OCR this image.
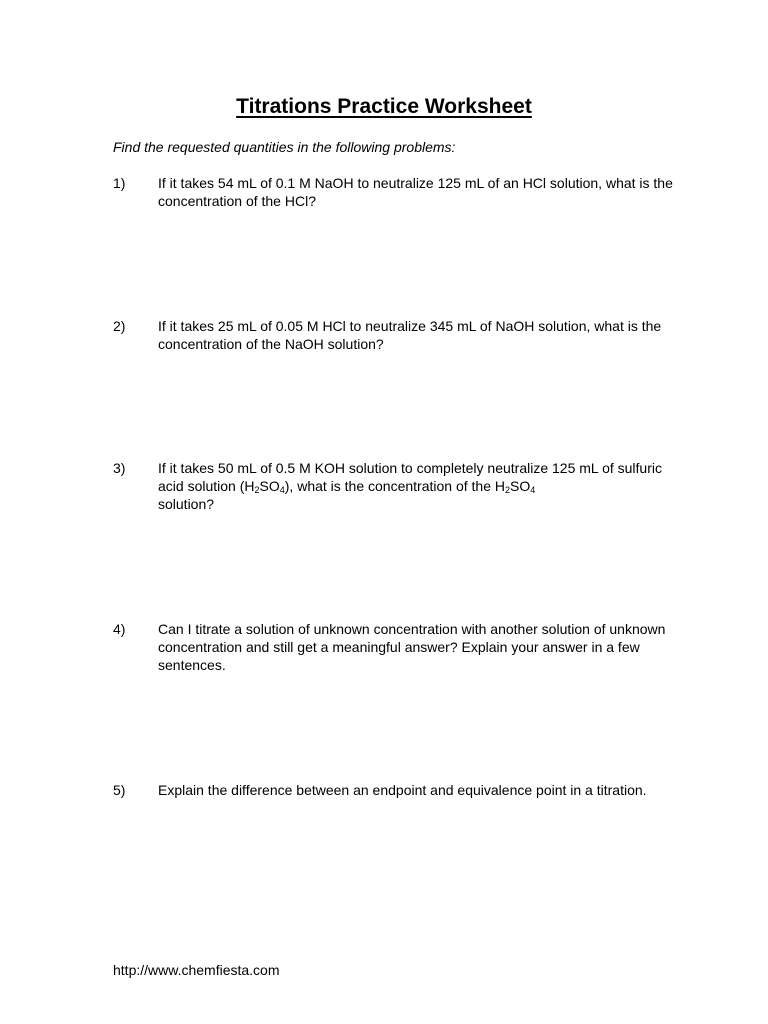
Titrations Practice Worksheet
Find the requested quantities in the following problems:
1) If it takes 54 mL of 0.1 M NaOH to neutralize 125 mL of an HCl solution, what is the concentration of the HCl?
2) If it takes 25 mL of 0.05 M HCl to neutralize 345 mL of NaOH solution, what is the concentration of the NaOH solution?
3) If it takes 50 mL of 0.5 M KOH solution to completely neutralize 125 mL of sulfuric acid solution $(H_2SO_4)$, what is the concentration of the $H_2SO_4$
solution?
4) Can I titrate a solution of unknown concentration with another solution of unknown concentration and still get a meaningful answer? Explain your answer in a few sentences.
5) Explain the difference between an endpoint and equivalence point in a titration.
http://www.chemfiesta.com
